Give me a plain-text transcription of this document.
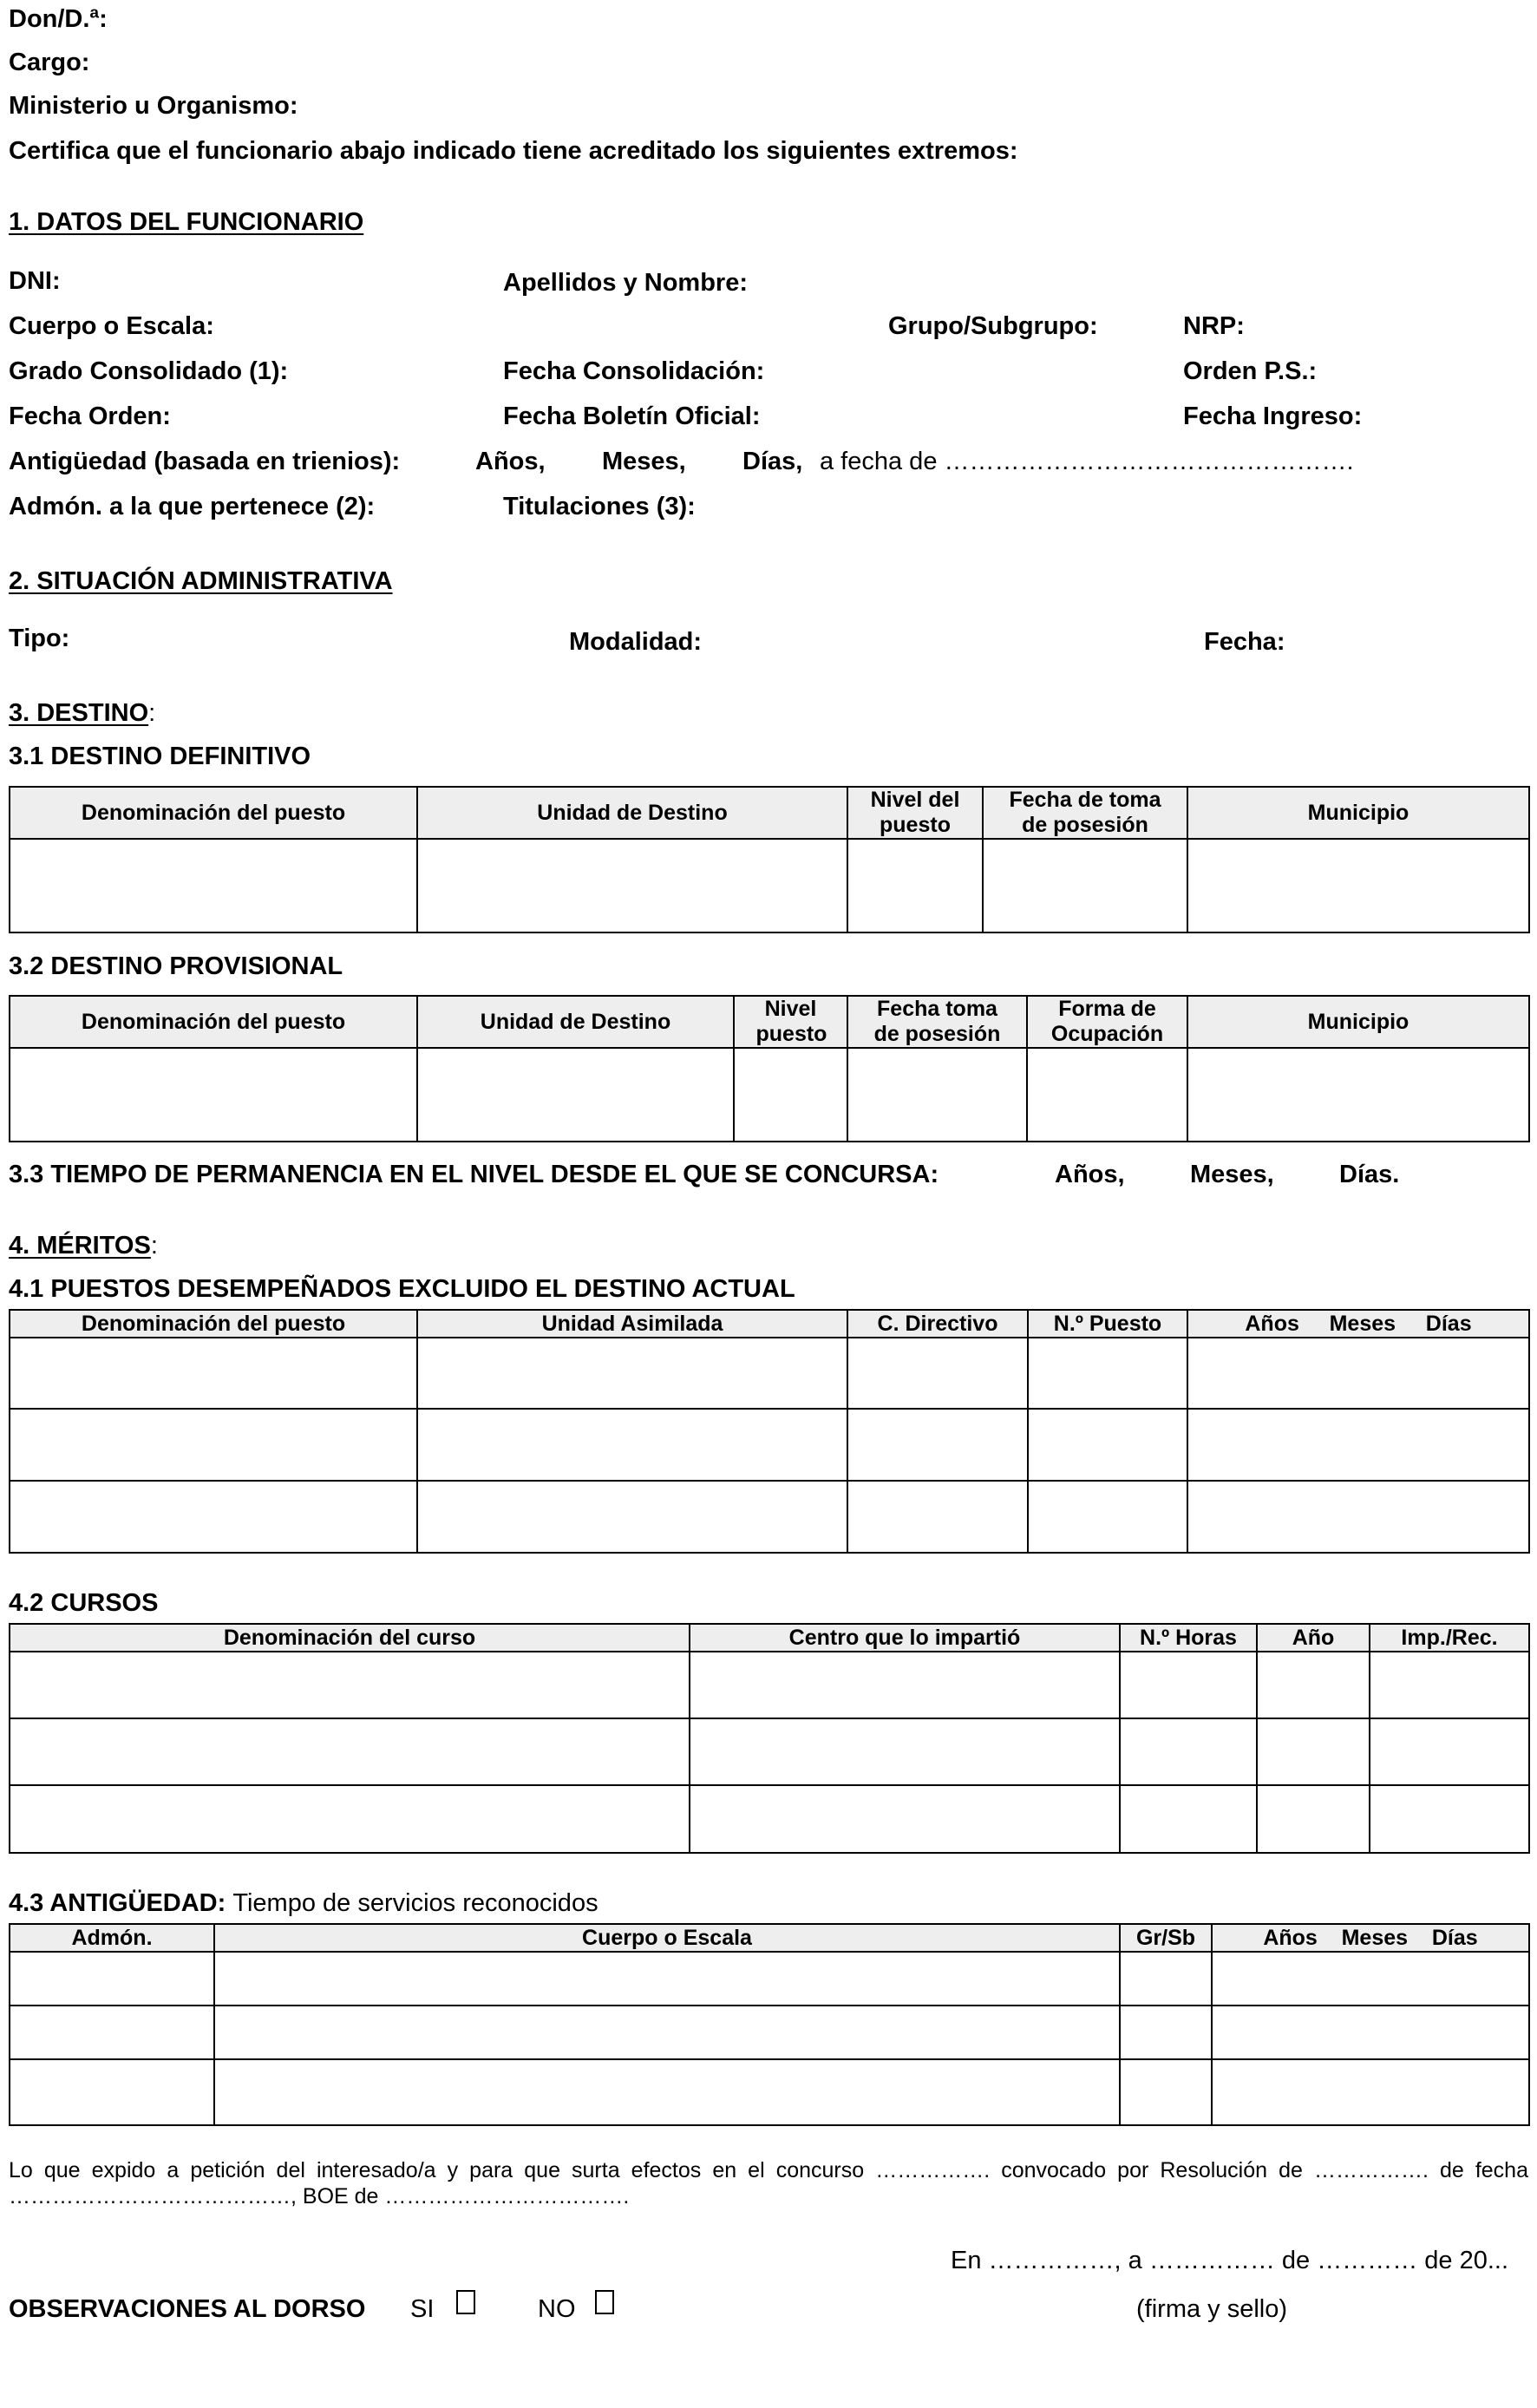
Don/D.ª:
Cargo:
Ministerio u Organismo:
Certifica que el funcionario abajo indicado tiene acreditado los siguientes extremos:
1. DATOS DEL FUNCIONARIO
DNI:	Apellidos y Nombre:
Cuerpo o Escala:	Grupo/Subgrupo:	NRP:
Grado Consolidado (1):	Fecha Consolidación:	Orden P.S.:
Fecha Orden:	Fecha Boletín Oficial:	Fecha Ingreso:
Antigüedad (basada en trienios):	Años, Meses, Días, a fecha de ………………………………………….
Admón. a la que pertenece (2):	Titulaciones (3):
2. SITUACIÓN ADMINISTRATIVA
Tipo:	Modalidad:	Fecha:
3. DESTINO:
3.1 DESTINO DEFINITIVO
Denominación del puesto	Unidad de Destino	Nivel del puesto	Fecha de toma de posesión	Municipio

3.2 DESTINO PROVISIONAL
Denominación del puesto	Unidad de Destino	Nivel puesto	Fecha toma de posesión	Forma de Ocupación	Municipio

3.3 TIEMPO DE PERMANENCIA EN EL NIVEL DESDE EL QUE SE CONCURSA:	Años,	Meses,	Días.
4. MÉRITOS:
4.1 PUESTOS DESEMPEÑADOS EXCLUIDO EL DESTINO ACTUAL
Denominación del puesto	Unidad Asimilada	C. Directivo	N.º Puesto	Años Meses Días

4.2 CURSOS
Denominación del curso	Centro que lo impartió	N.º Horas	Año	Imp./Rec.

4.3 ANTIGÜEDAD: Tiempo de servicios reconocidos
Admón.	Cuerpo o Escala	Gr/Sb	Años Meses Días

Lo que expido a petición del interesado/a y para que surta efectos en el concurso ……………. convocado por Resolución de ……………. de fecha
…………………………………, BOE de …………………………….
En ……………, a …………… de ………… de 20...
OBSERVACIONES AL DORSO SI	NO	(firma y sello)
